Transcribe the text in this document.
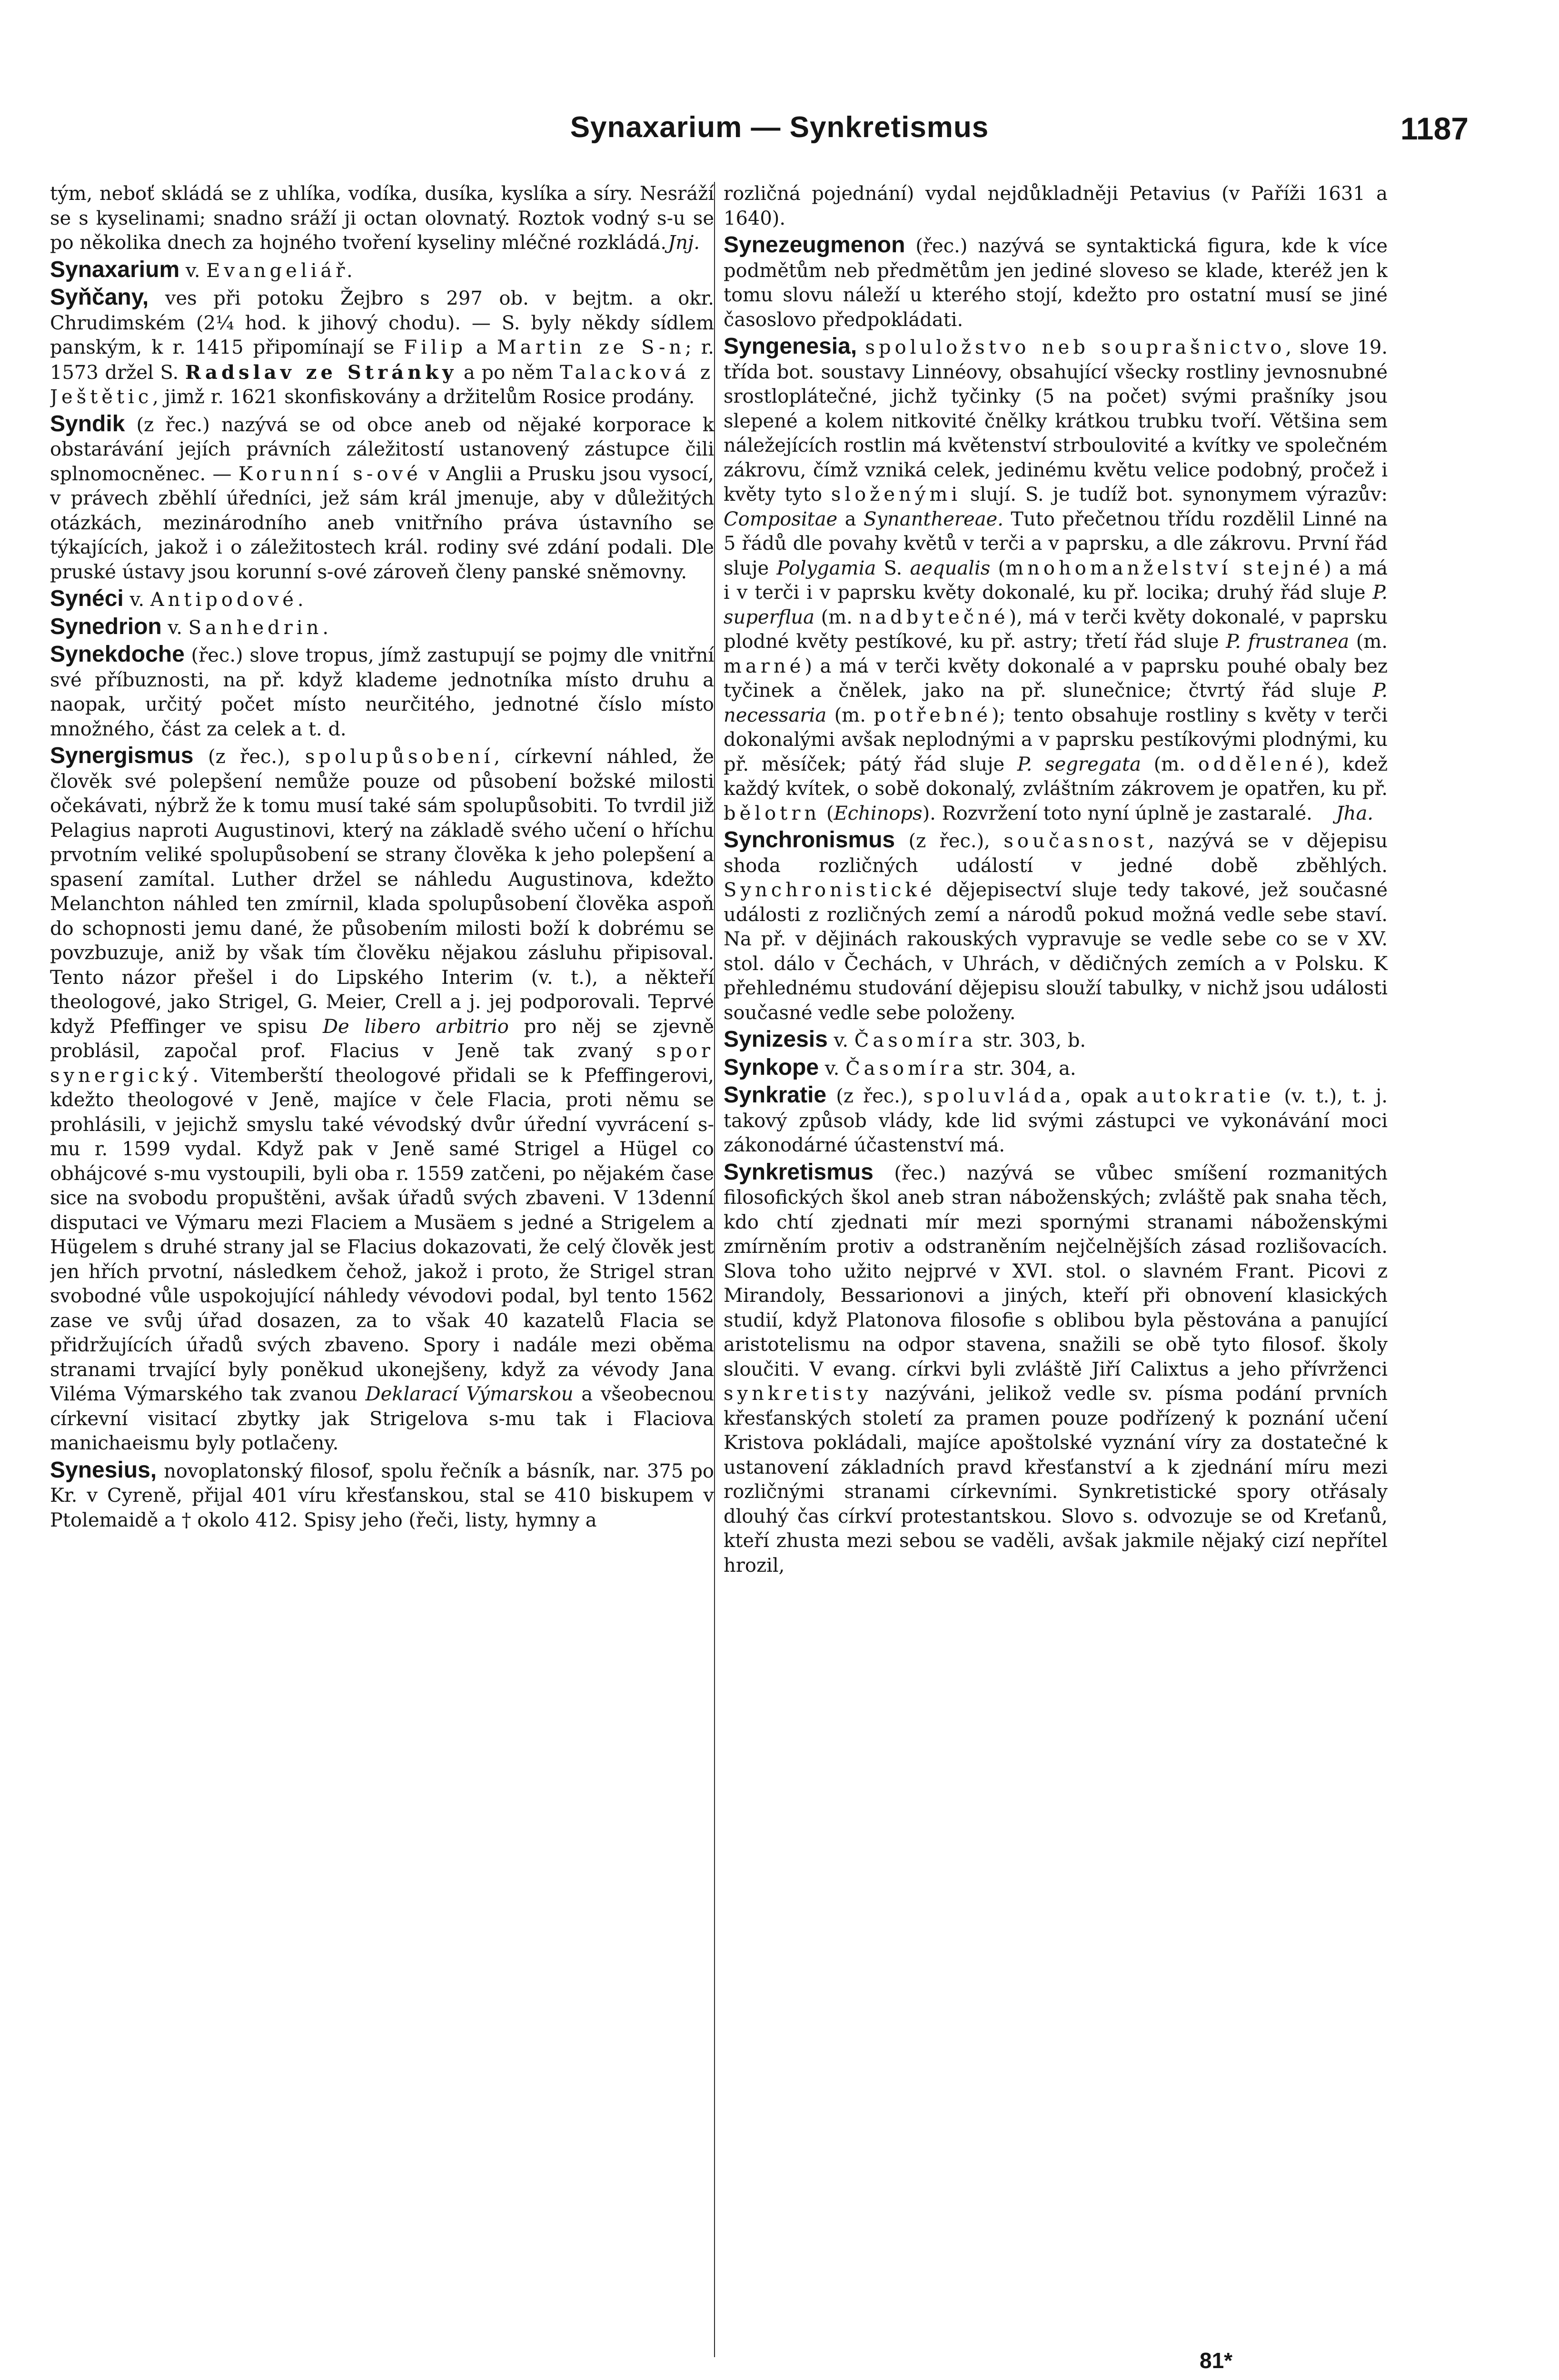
Synaxarium — Synkretismus	1187

tým, neboť skládá se z uhlíka, vodíka, dusíka, kyslíka a síry. Nesráží se s kyselinami; snadno sráží ji octan olovnatý. Roztok vodný s-u se po několika dnech za hojného tvoření kyseliny mléčné rozkládá. Jnj.

Synaxarium v. Evangeliář.

Syňčany, ves při potoku Žejbro s 297 ob. v bejtm. a okr. Chrudimském (2¼ hod. k jihový chodu). — S. byly někdy sídlem panským, k r. 1415 připomínají se Filip a Martin ze S-n; r. 1573 držel S. Radslav ze Stránky a po něm Talacková z Ještětic, jimž r. 1621 skonfiskovány a držitelům Rosice prodány.

Syndik (z řec.) nazývá se od obce aneb od nějaké korporace k obstarávání jejích právních záležitostí ustanovený zástupce čili splnomocněnec. — Korunní s-ové v Anglii a Prusku jsou vysocí, v právech zběhlí úředníci, jež sám král jmenuje, aby v důležitých otázkách, mezinárodního aneb vnitřního práva ústavního se týkajících, jakož i o záležitostech král. rodiny své zdání podali. Dle pruské ústavy jsou korunní s-ové zároveň členy panské sněmovny.

Synéci v. Antipodové.

Synedrion v. Sanhedrin.

Synekdoche (řec.) slove tropus, jímž zastupují se pojmy dle vnitřní své příbuznosti, na př. když klademe jednotníka místo druhu a naopak, určitý počet místo neurčitého, jednotné číslo místo množného, část za celek a t. d.

Synergismus (z řec.), spolupůsobení, církevní náhled, že člověk své polepšení nemůže pouze od působení božské milosti očekávati, nýbrž že k tomu musí také sám spolupůsobiti. To tvrdil již Pelagius naproti Augustinovi, který na základě svého učení o hříchu prvotním veliké spolupůsobení se strany člověka k jeho polepšení a spasení zamítal. Luther držel se náhledu Augustinova, kdežto Melanchton náhled ten zmírnil, klada spolupůsobení člověka aspoň do schopnosti jemu dané, že působením milosti boží k dobrému se povzbuzuje, aniž by však tím člověku nějakou zásluhu připisoval. Tento názor přešel i do Lipského Interim (v. t.), a někteří theologové, jako Strigel, G. Meier, Crell a j. jej podporovali. Teprvé když Pfeffinger ve spisu De libero arbitrio pro něj se zjevně problásil, započal prof. Flacius v Jeně tak zvaný spor synergický. Vitemberští theologové přidali se k Pfeffingerovi, kdežto theologové v Jeně, majíce v čele Flacia, proti němu se prohlásili, v jejichž smyslu také vévodský dvůr úřední vyvrácení s-mu r. 1599 vydal. Když pak v Jeně samé Strigel a Hügel co obhájcové s-mu vystoupili, byli oba r. 1559 zatčeni, po nějakém čase sice na svobodu propuštěni, avšak úřadů svých zbaveni. V 13denní disputaci ve Výmaru mezi Flaciem a Musäem s jedné a Strigelem a Hügelem s druhé strany jal se Flacius dokazovati, že celý člověk jest jen hřích prvotní, následkem čehož, jakož i proto, že Strigel stran svobodné vůle uspokojující náhledy vévodovi podal, byl tento 1562 zase ve svůj úřad dosazen, za to však 40 kazatelů Flacia se přidržujících úřadů svých zbaveno. Spory i nadále mezi oběma stranami trvající byly poněkud ukonejšeny, když za vévody Jana Viléma Výmarského tak zvanou Deklarací Výmarskou a všeobecnou církevní visitací zbytky jak Strigelova s-mu tak i Flaciova manichaeismu byly potlačeny.

Synesius, novoplatonský filosof, spolu řečník a básník, nar. 375 po Kr. v Cyreně, přijal 401 víru křesťanskou, stal se 410 biskupem v Ptolemaidě a † okolo 412. Spisy jeho (řeči, listy, hymny a

rozličná pojednání) vydal nejdůkladněji Petavius (v Paříži 1631 a 1640).

Synezeugmenon (řec.) nazývá se syntaktická figura, kde k více podmětům neb předmětům jen jediné sloveso se klade, kteréž jen k tomu slovu náleží u kterého stojí, kdežto pro ostatní musí se jiné časoslovo předpokládati.

Syngenesia, spoluložstvo neb souprašnictvo, slove 19. třída bot. soustavy Linnéovy, obsahující všecky rostliny jevnosnubné srostloplátečné, jichž tyčinky (5 na počet) svými prašníky jsou slepené a kolem nitkovité čnělky krátkou trubku tvoří. Většina sem náležejících rostlin má květenství strboulovité a kvítky ve společném zákrovu, čímž vzniká celek, jedinému květu velice podobný, pročež i květy tyto složenými slují. S. je tudíž bot. synonymem výrazův: Compositae a Synanthereae. Tuto přečetnou třídu rozdělil Linné na 5 řádů dle povahy květů v terči a v paprsku, a dle zákrovu. První řád sluje Polygamia S. aequalis (mnohomanželství stejné) a má i v terči i v paprsku květy dokonalé, ku př. locika; druhý řád sluje P. superflua (m. nadbytečné), má v terči květy dokonalé, v paprsku plodné květy pestíkové, ku př. astry; třetí řád sluje P. frustranea (m. marné) a má v terči květy dokonalé a v paprsku pouhé obaly bez tyčinek a čnělek, jako na př. slunečnice; čtvrtý řád sluje P. necessaria (m. potřebné); tento obsahuje rostliny s květy v terči dokonalými avšak neplodnými a v paprsku pestíkovými plodnými, ku př. měsíček; pátý řád sluje P. segregata (m. oddělené), kdež každý kvítek, o sobě dokonalý, zvláštním zákrovem je opatřen, ku př. bělotrn (Echinops). Rozvržení toto nyní úplně je zastaralé. Jha.

Synchronismus (z řec.), současnost, nazývá se v dějepisu shoda rozličných událostí v jedné době zběhlých. Synchronistické dějepisectví sluje tedy takové, jež současné události z rozličných zemí a národů pokud možná vedle sebe staví. Na př. v dějinách rakouských vypravuje se vedle sebe co se v XV. stol. dálo v Čechách, v Uhrách, v dědičných zemích a v Polsku. K přehlednému studování dějepisu slouží tabulky, v nichž jsou události současné vedle sebe položeny.

Synizesis v. Časomíra str. 303, b.

Synkope v. Časomíra str. 304, a.

Synkratie (z řec.), spoluvláda, opak autokratie (v. t.), t. j. takový způsob vlády, kde lid svými zástupci ve vykonávání moci zákonodárné účastenství má.

Synkretismus (řec.) nazývá se vůbec smíšení rozmanitých filosofických škol aneb stran náboženských; zvláště pak snaha těch, kdo chtí zjednati mír mezi spornými stranami náboženskými zmírněním protiv a odstraněním nejčelnějších zásad rozlišovacích. Slova toho užito nejprvé v XVI. stol. o slavném Frant. Picovi z Mirandoly, Bessarionovi a jiných, kteří při obnovení klasických studií, když Platonova filosofie s oblibou byla pěstována a panující aristotelismu na odpor stavena, snažili se obě tyto filosof. školy sloučiti. V evang. církvi byli zvláště Jiří Calixtus a jeho přívrženci synkretisty nazýváni, jelikož vedle sv. písma podání prvních křesťanských století za pramen pouze podřízený k poznání učení Kristova pokládali, majíce apoštolské vyznání víry za dostatečné k ustanovení základních pravd křesťanství a k zjednání míru mezi rozličnými stranami církevními. Synkretistické spory otřásaly dlouhý čas církví protestantskou. Slovo s. odvozuje se od Kreťanů, kteří zhusta mezi sebou se vaděli, avšak jakmile nějaký cizí nepřítel hrozil,

81*
